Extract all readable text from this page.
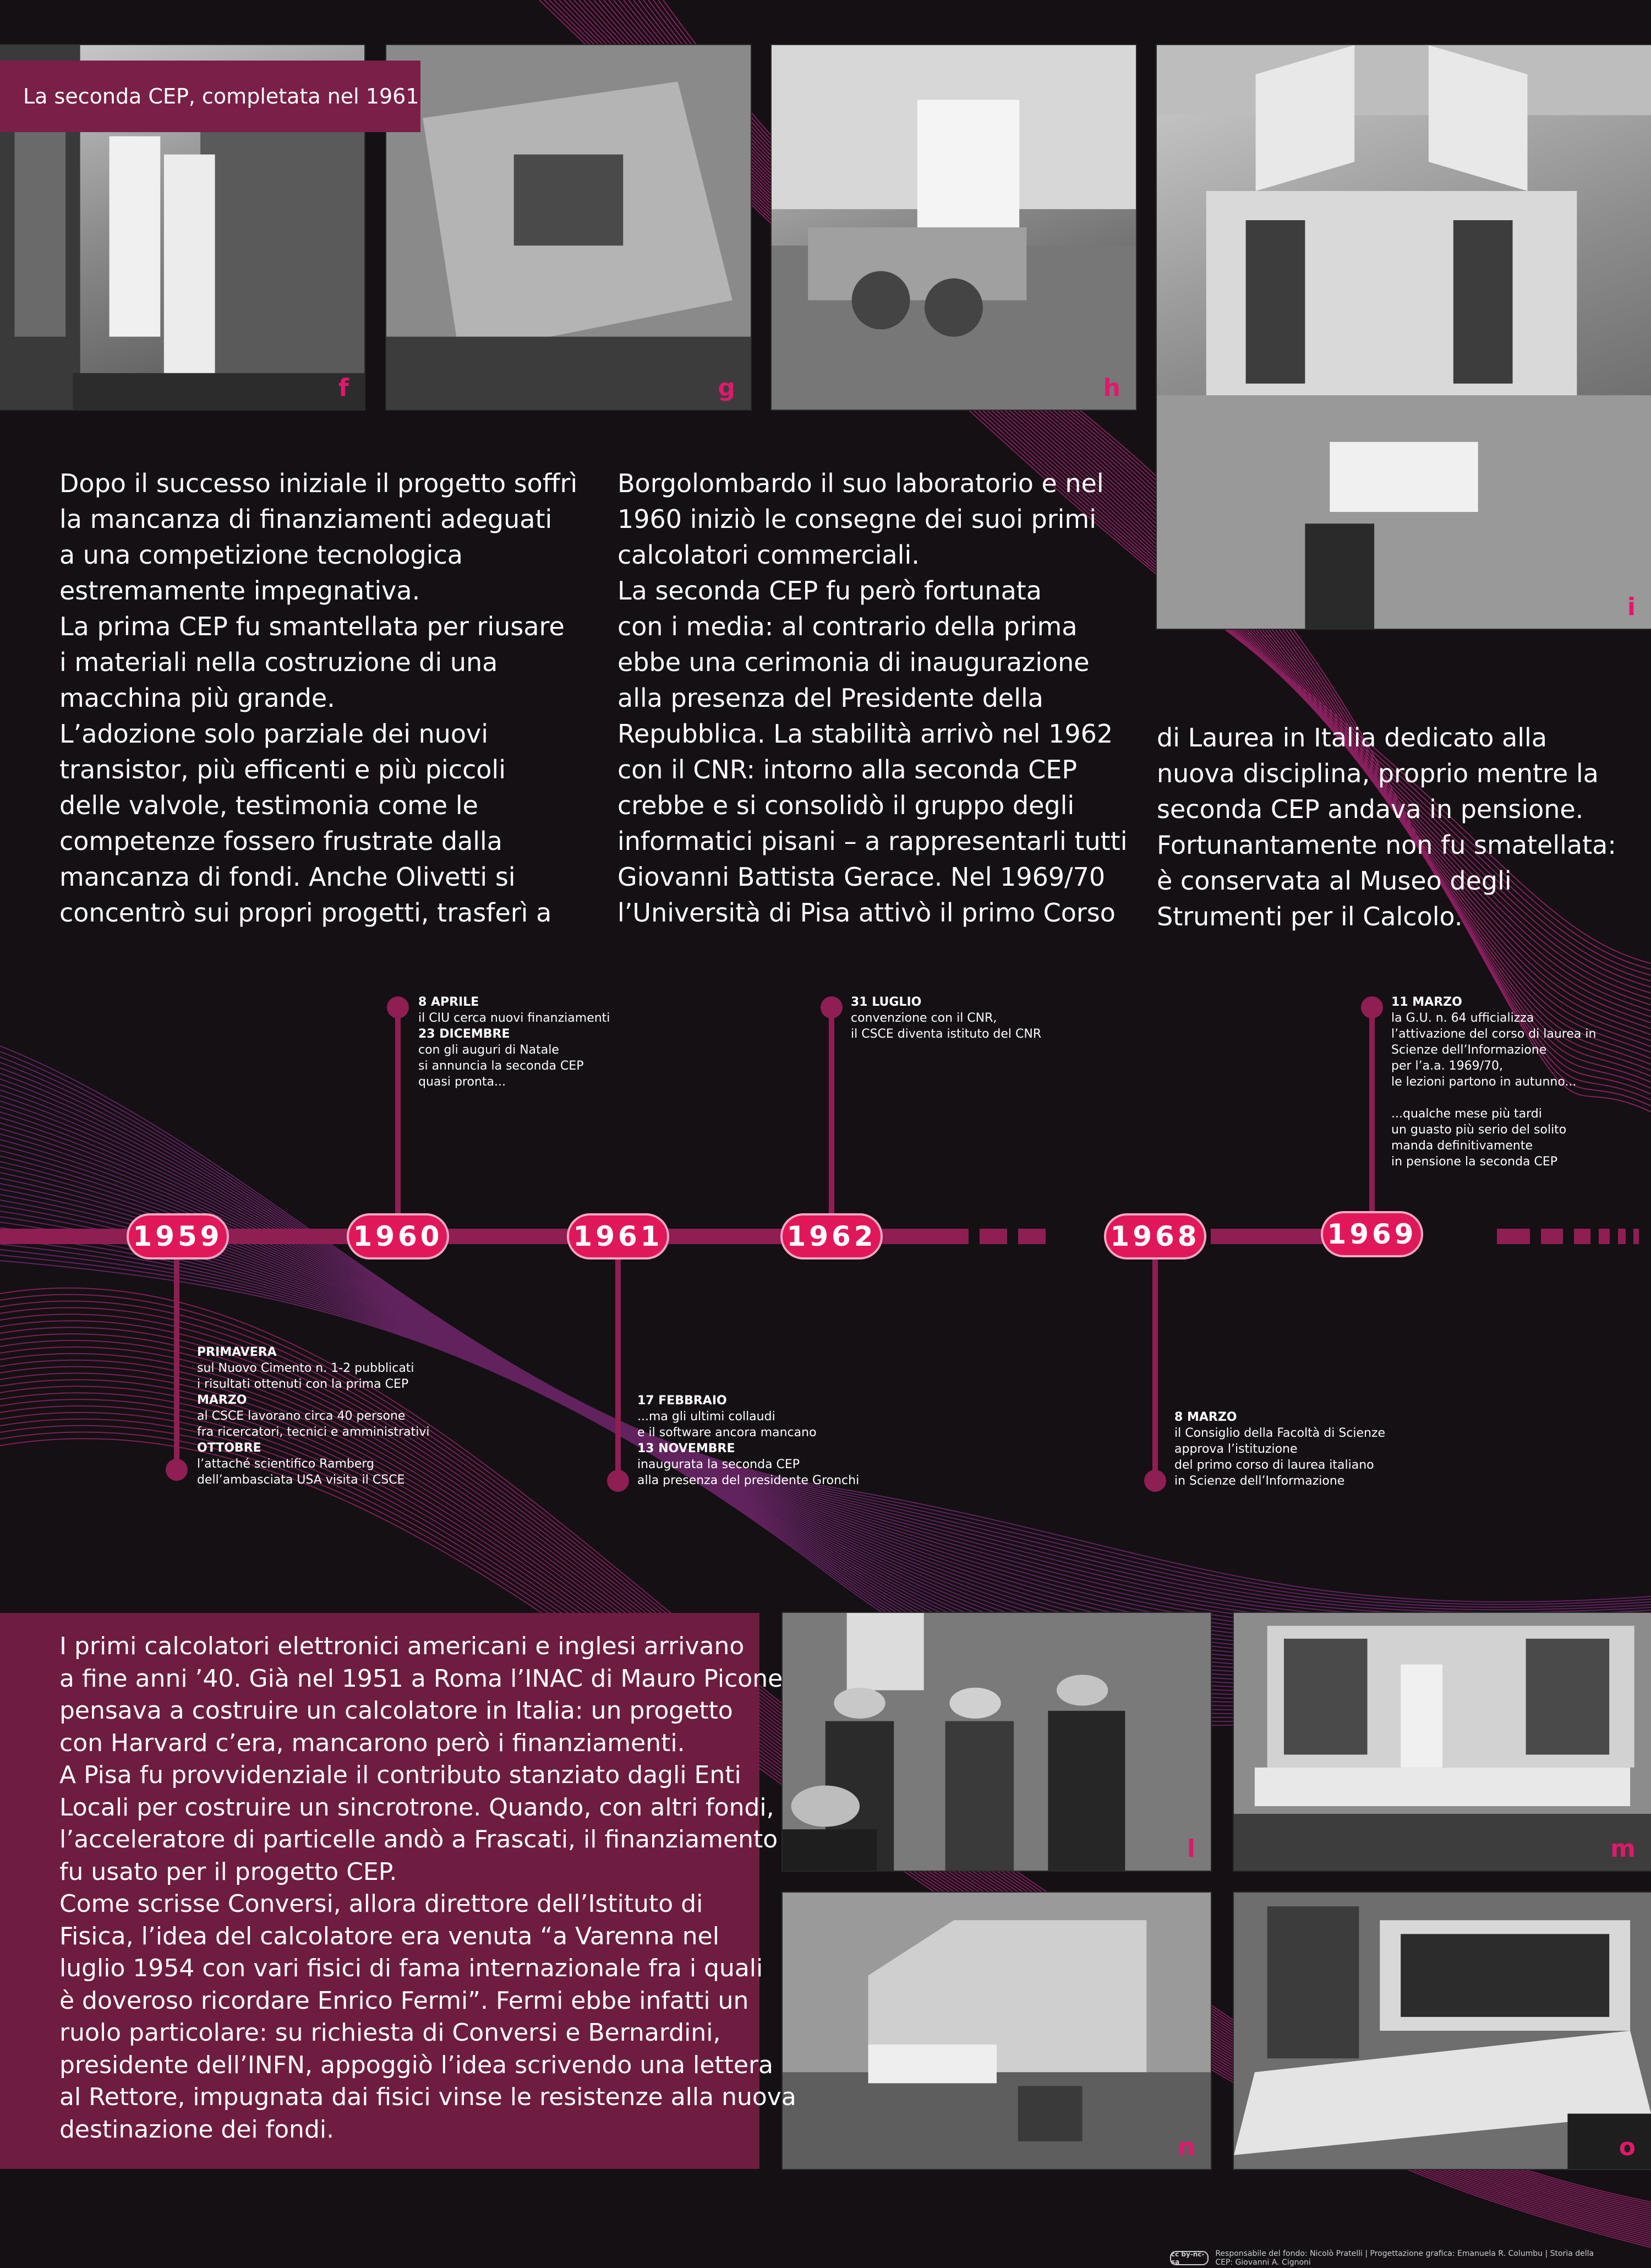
f	g	h
i
La seconda CEP, completata nel 1961

Dopo il successo iniziale il progetto soffrì
la mancanza di finanziamenti adeguati
a una competizione tecnologica
estremamente impegnativa.
La prima CEP fu smantellata per riusare
i materiali nella costruzione di una
macchina più grande.
L’adozione solo parziale dei nuovi
transistor, più efficenti e più piccoli
delle valvole, testimonia come le
competenze fossero frustrate dalla
mancanza di fondi. Anche Olivetti si
concentrò sui propri progetti, trasferì a

Borgolombardo il suo laboratorio e nel
1960 iniziò le consegne dei suoi primi
calcolatori commerciali.
La seconda CEP fu però fortunata
con i media: al contrario della prima
ebbe una cerimonia di inaugurazione
alla presenza del Presidente della
Repubblica. La stabilità arrivò nel 1962
con il CNR: intorno alla seconda CEP
crebbe e si consolidò il gruppo degli
informatici pisani – a rappresentarli tutti
Giovanni Battista Gerace. Nel 1969/70
l’Università di Pisa attivò il primo Corso

di Laurea in Italia dedicato alla
nuova disciplina, proprio mentre la
seconda CEP andava in pensione.
Fortunantamente non fu smatellata:
è conservata al Museo degli
Strumenti per il Calcolo.

1959	1960	1961	1962	1968	1969
PRIMAVERA
sul Nuovo Cimento n. 1-2 pubblicati
i risultati ottenuti con la prima CEP
MARZO
al CSCE lavorano circa 40 persone
fra ricercatori, tecnici e amministrativi
OTTOBRE
l’attaché scientifico Ramberg
dell’ambasciata USA visita il CSCE
8 APRILE
il CIU cerca nuovi finanziamenti
23 DICEMBRE
con gli auguri di Natale
si annuncia la seconda CEP
quasi pronta...
17 FEBBRAIO
...ma gli ultimi collaudi
e il software ancora mancano
13 NOVEMBRE
inaugurata la seconda CEP
alla presenza del presidente Gronchi
31 LUGLIO
convenzione con il CNR,
il CSCE diventa istituto del CNR
8 MARZO
il Consiglio della Facoltà di Scienze
approva l’istituzione
del primo corso di laurea italiano
in Scienze dell’Informazione
11 MARZO
la G.U. n. 64 ufficializza
l’attivazione del corso di laurea in
Scienze dell’Informazione
per l’a.a. 1969/70,
le lezioni partono in autunno...

...qualche mese più tardi
un guasto più serio del solito
manda definitivamente
in pensione la seconda CEP

I primi calcolatori elettronici americani e inglesi arrivano
a fine anni ’40. Già nel 1951 a Roma l’INAC di Mauro Picone
pensava a costruire un calcolatore in Italia: un progetto
con Harvard c’era, mancarono però i finanziamenti.
A Pisa fu provvidenziale il contributo stanziato dagli Enti
Locali per costruire un sincrotrone. Quando, con altri fondi,
l’acceleratore di particelle andò a Frascati, il finanziamento
fu usato per il progetto CEP.
Come scrisse Conversi, allora direttore dell’Istituto di
Fisica, l’idea del calcolatore era venuta “a Varenna nel
luglio 1954 con vari fisici di fama internazionale fra i quali
è doveroso ricordare Enrico Fermi”. Fermi ebbe infatti un
ruolo particolare: su richiesta di Conversi e Bernardini,
presidente dell’INFN, appoggiò l’idea scrivendo una lettera
al Rettore, impugnata dai fisici vinse le resistenze alla nuova
destinazione dei fondi.

l	m
n	o
cc by-nc-sa
Responsabile del fondo: Nicolò Pratelli | Progettazione grafica: Emanuela R. Columbu | Storia della CEP: Giovanni A. Cignoni
